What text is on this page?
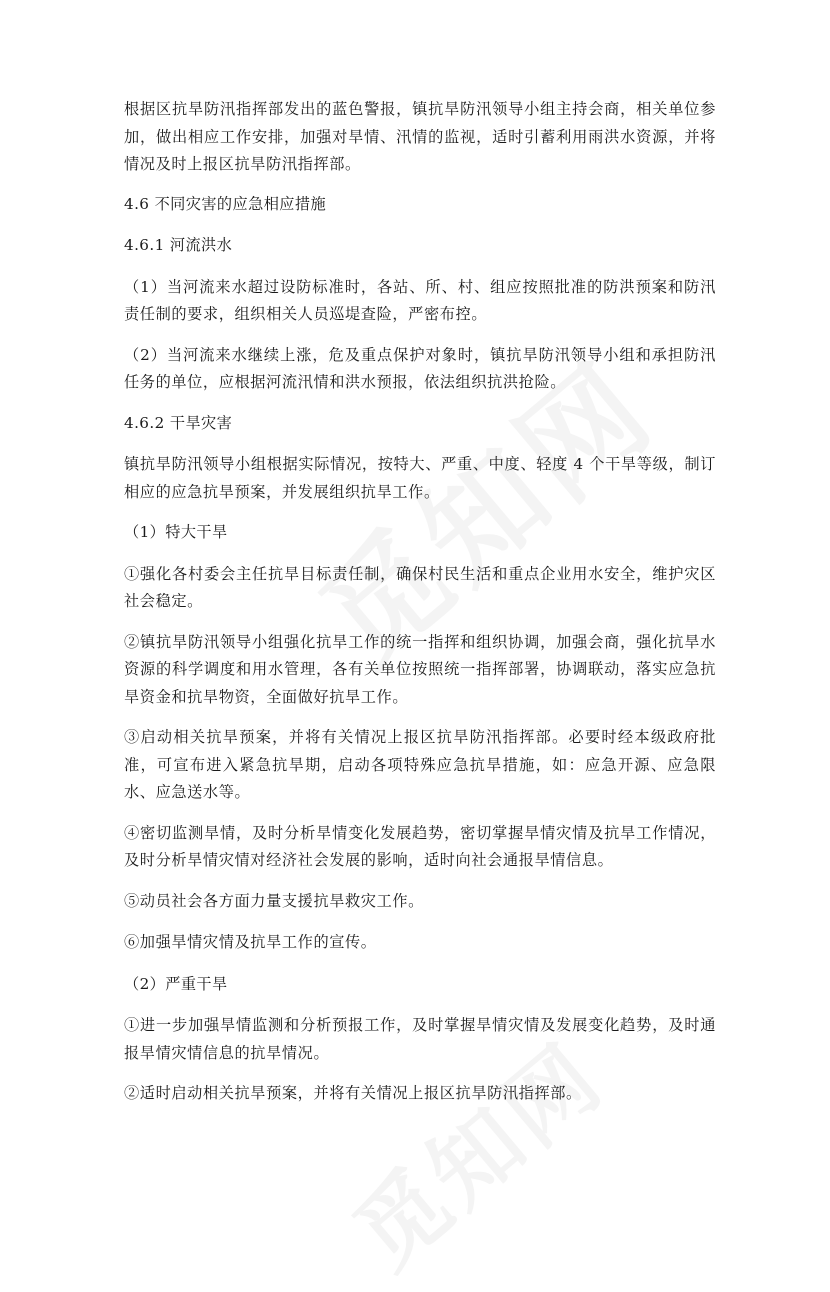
根据区抗旱防汛指挥部发出的蓝色警报，镇抗旱防汛领导小组主持会商，相关单位参加，做出相应工作安排，加强对旱情、汛情的监视，适时引蓄利用雨洪水资源，并将情况及时上报区抗旱防汛指挥部。

4.6 不同灾害的应急相应措施

4.6.1 河流洪水

（1）当河流来水超过设防标准时，各站、所、村、组应按照批准的防洪预案和防汛责任制的要求，组织相关人员巡堤查险，严密布控。

（2）当河流来水继续上涨，危及重点保护对象时，镇抗旱防汛领导小组和承担防汛任务的单位，应根据河流汛情和洪水预报，依法组织抗洪抢险。

4.6.2 干旱灾害

镇抗旱防汛领导小组根据实际情况，按特大、严重、中度、轻度 4 个干旱等级，制订相应的应急抗旱预案，并发展组织抗旱工作。

（1）特大干旱

①强化各村委会主任抗旱目标责任制，确保村民生活和重点企业用水安全，维护灾区社会稳定。

②镇抗旱防汛领导小组强化抗旱工作的统一指挥和组织协调，加强会商，强化抗旱水资源的科学调度和用水管理，各有关单位按照统一指挥部署，协调联动，落实应急抗旱资金和抗旱物资，全面做好抗旱工作。

③启动相关抗旱预案，并将有关情况上报区抗旱防汛指挥部。必要时经本级政府批准，可宣布进入紧急抗旱期，启动各项特殊应急抗旱措施，如：应急开源、应急限水、应急送水等。

④密切监测旱情，及时分析旱情变化发展趋势，密切掌握旱情灾情及抗旱工作情况，及时分析旱情灾情对经济社会发展的影响，适时向社会通报旱情信息。

⑤动员社会各方面力量支援抗旱救灾工作。

⑥加强旱情灾情及抗旱工作的宣传。

（2）严重干旱

①进一步加强旱情监测和分析预报工作，及时掌握旱情灾情及发展变化趋势，及时通报旱情灾情信息的抗旱情况。

②适时启动相关抗旱预案，并将有关情况上报区抗旱防汛指挥部。
